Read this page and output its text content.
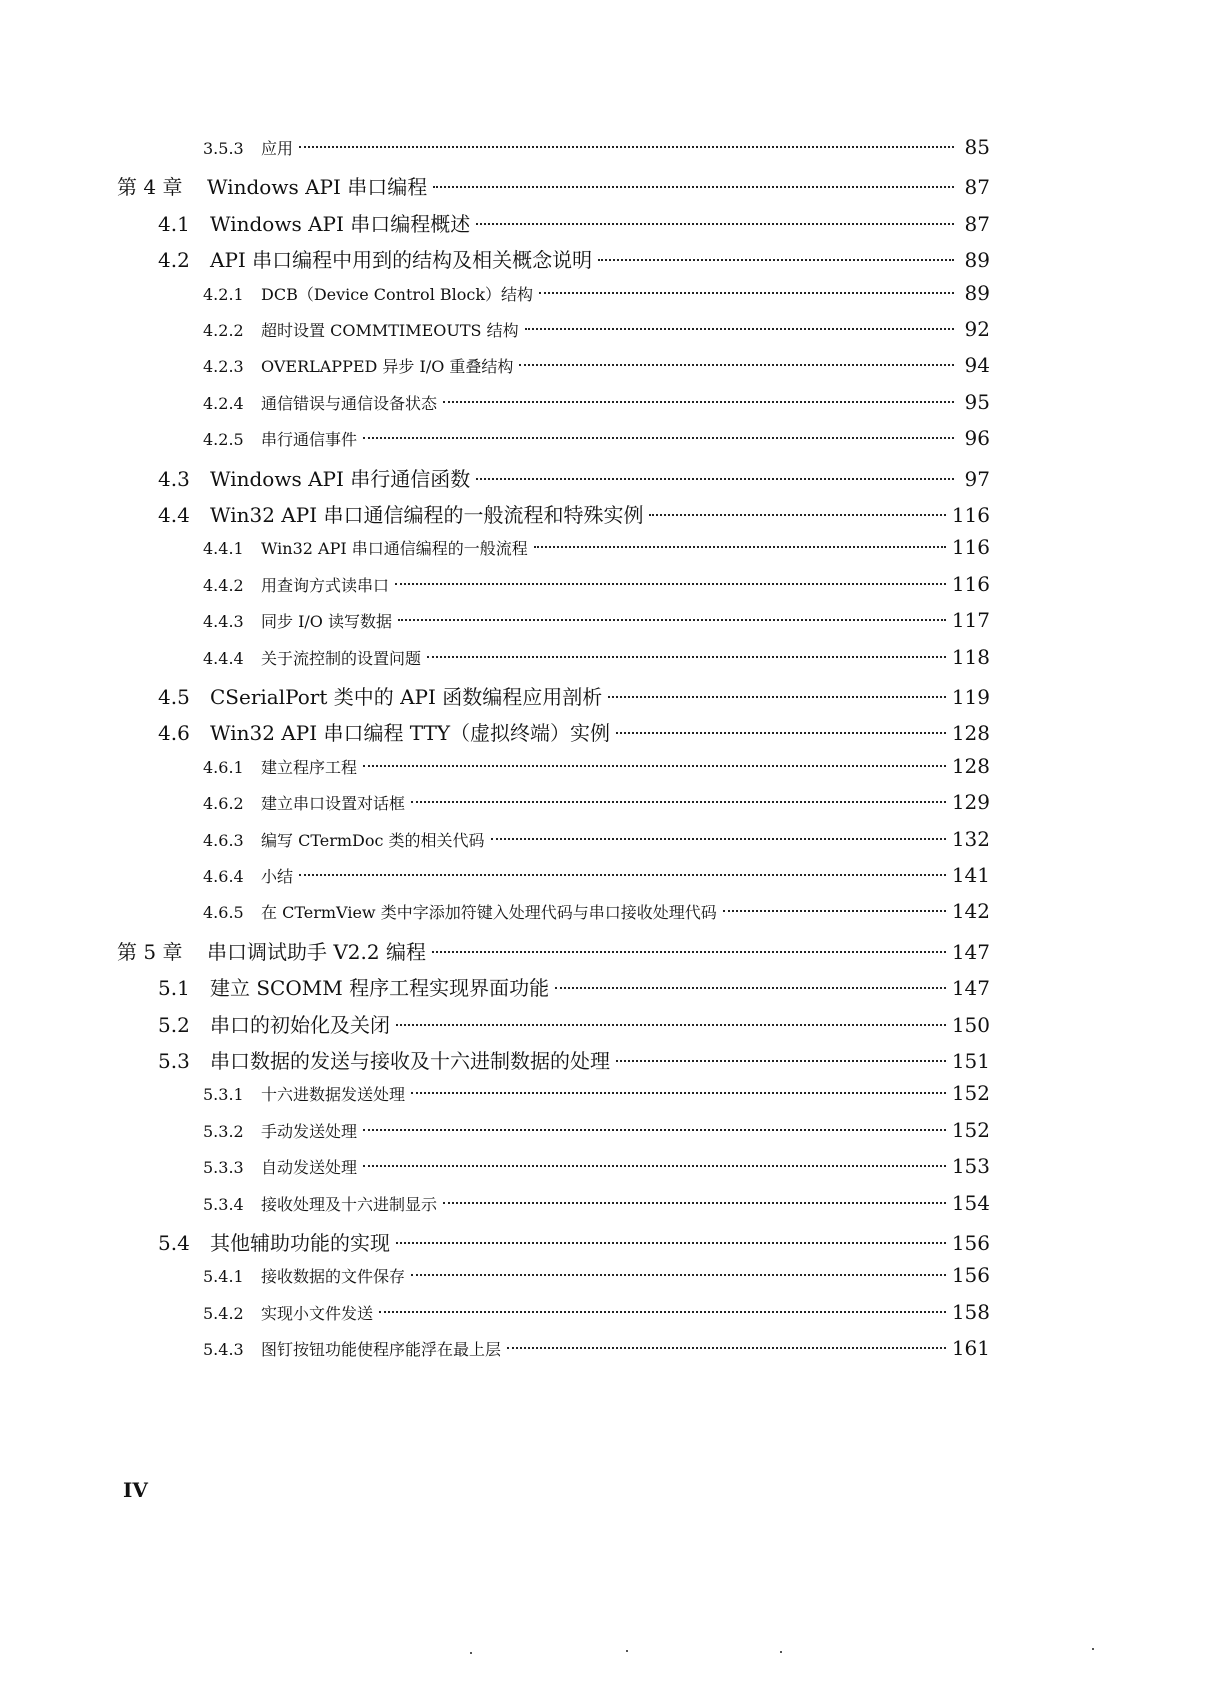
3.5.3	应用	85
第 4 章	Windows API 串口编程	87
4.1	Windows API 串口编程概述	87
4.2	API 串口编程中用到的结构及相关概念说明	89
4.2.1	DCB（Device Control Block）结构	89
4.2.2	超时设置 COMMTIMEOUTS 结构	92
4.2.3	OVERLAPPED 异步 I/O 重叠结构	94
4.2.4	通信错误与通信设备状态	95
4.2.5	串行通信事件	96
4.3	Windows API 串行通信函数	97
4.4	Win32 API 串口通信编程的一般流程和特殊实例	116
4.4.1	Win32 API 串口通信编程的一般流程	116
4.4.2	用查询方式读串口	116
4.4.3	同步 I/O 读写数据	117
4.4.4	关于流控制的设置问题	118
4.5	CSerialPort 类中的 API 函数编程应用剖析	119
4.6	Win32 API 串口编程 TTY（虚拟终端）实例	128
4.6.1	建立程序工程	128
4.6.2	建立串口设置对话框	129
4.6.3	编写 CTermDoc 类的相关代码	132
4.6.4	小结	141
4.6.5	在 CTermView 类中字添加符键入处理代码与串口接收处理代码	142
第 5 章	串口调试助手 V2.2 编程	147
5.1	建立 SCOMM 程序工程实现界面功能	147
5.2	串口的初始化及关闭	150
5.3	串口数据的发送与接收及十六进制数据的处理	151
5.3.1	十六进数据发送处理	152
5.3.2	手动发送处理	152
5.3.3	自动发送处理	153
5.3.4	接收处理及十六进制显示	154
5.4	其他辅助功能的实现	156
5.4.1	接收数据的文件保存	156
5.4.2	实现小文件发送	158
5.4.3	图钉按钮功能使程序能浮在最上层	161
IV
